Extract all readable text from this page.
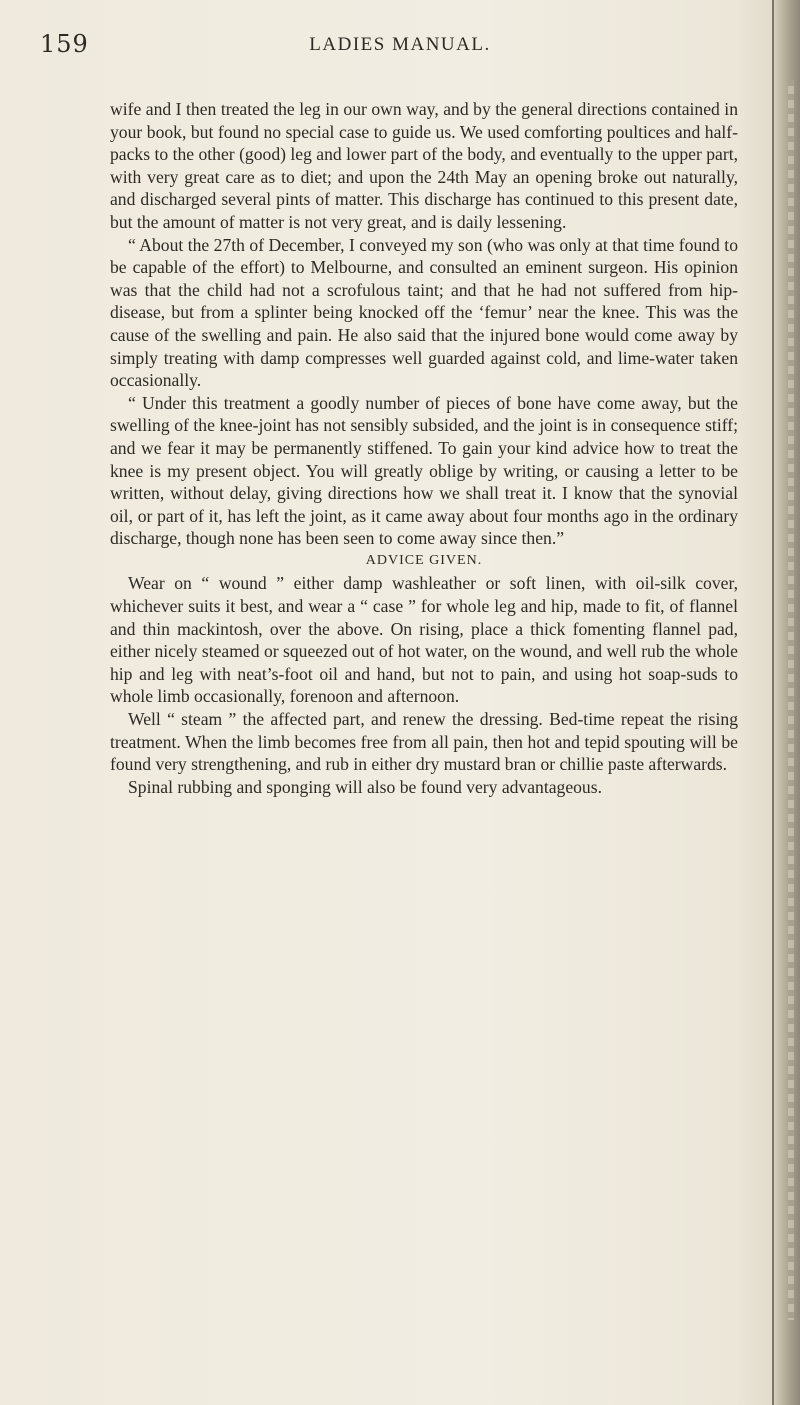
159	LADIES MANUAL.

wife and I then treated the leg in our own way, and by the general directions contained in your book, but found no special case to guide us. We used comforting poultices and half-packs to the other (good) leg and lower part of the body, and eventually to the upper part, with very great care as to diet; and upon the 24th May an opening broke out naturally, and discharged several pints of matter. This discharge has continued to this present date, but the amount of matter is not very great, and is daily lessening.

“ About the 27th of December, I conveyed my son (who was only at that time found to be capable of the effort) to Melbourne, and consulted an eminent surgeon. His opinion was that the child had not a scrofulous taint; and that he had not suffered from hip-disease, but from a splinter being knocked off the ‘femur’ near the knee. This was the cause of the swelling and pain. He also said that the injured bone would come away by simply treating with damp compresses well guarded against cold, and lime-water taken occasionally.

“ Under this treatment a goodly number of pieces of bone have come away, but the swelling of the knee-joint has not sensibly subsided, and the joint is in consequence stiff; and we fear it may be permanently stiffened. To gain your kind advice how to treat the knee is my present object. You will greatly oblige by writing, or causing a letter to be written, without delay, giving directions how we shall treat it. I know that the synovial oil, or part of it, has left the joint, as it came away about four months ago in the ordinary discharge, though none has been seen to come away since then.”

ADVICE GIVEN.

Wear on “ wound ” either damp washleather or soft linen, with oil-silk cover, whichever suits it best, and wear a “ case ” for whole leg and hip, made to fit, of flannel and thin mackintosh, over the above. On rising, place a thick fomenting flannel pad, either nicely steamed or squeezed out of hot water, on the wound, and well rub the whole hip and leg with neat’s-foot oil and hand, but not to pain, and using hot soap-suds to whole limb occasionally, forenoon and afternoon.

Well “ steam ” the affected part, and renew the dressing. Bed-time repeat the rising treatment. When the limb becomes free from all pain, then hot and tepid spouting will be found very strengthening, and rub in either dry mustard bran or chillie paste afterwards.

Spinal rubbing and sponging will also be found very advantageous.
